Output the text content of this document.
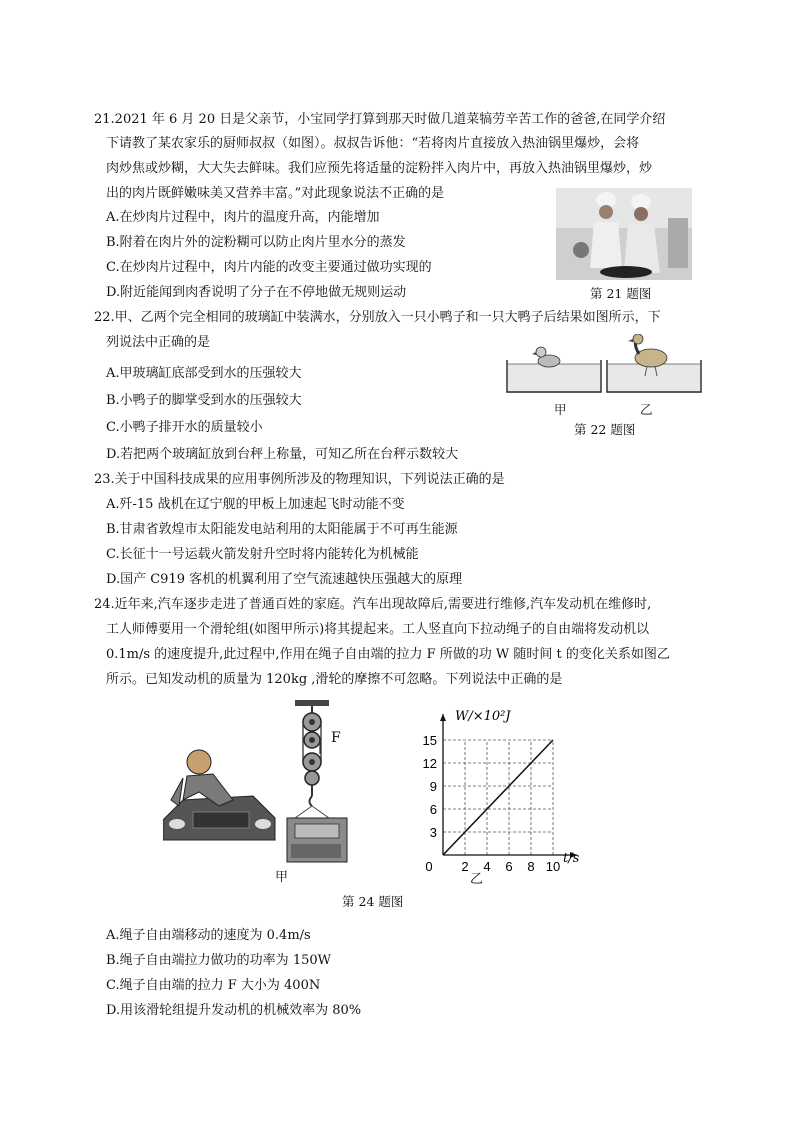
21.2021 年 6 月 20 日是父亲节，小宝同学打算到那天时做几道菜犒劳辛苦工作的爸爸,在同学介绍
下请教了某农家乐的厨师叔叔（如图）。叔叔告诉他：“若将肉片直接放入热油锅里爆炒，会将
肉炒焦或炒糊，大大失去鲜味。我们应预先将适量的淀粉拌入肉片中，再放入热油锅里爆炒，炒
出的肉片既鲜嫩味美又营养丰富。”对此现象说法不正确的是
A.在炒肉片过程中，肉片的温度升高，内能增加
B.附着在肉片外的淀粉糊可以防止肉片里水分的蒸发
C.在炒肉片过程中，肉片内能的改变主要通过做功实现的
D.附近能闻到肉香说明了分子在不停地做无规则运动	第 21 题图
22.甲、乙两个完全相同的玻璃缸中装满水，分别放入一只小鸭子和一只大鸭子后结果如图所示，下
列说法中正确的是
A.甲玻璃缸底部受到水的压强较大
B.小鸭子的脚掌受到水的压强较大
C.小鸭子排开水的质量较小
D.若把两个玻璃缸放到台秤上称量，可知乙所在台秤示数较大
甲	乙
第 22 题图
23.关于中国科技成果的应用事例所涉及的物理知识，下列说法正确的是
A.歼-15 战机在辽宁舰的甲板上加速起飞时动能不变
B.甘肃省敦煌市太阳能发电站利用的太阳能属于不可再生能源
C.长征十一号运载火箭发射升空时将内能转化为机械能
D.国产 C919 客机的机翼利用了空气流速越快压强越大的原理
24.近年来,汽车逐步走进了普通百姓的家庭。汽车出现故障后,需要进行维修,汽车发动机在维修时,
工人师傅要用一个滑轮组(如图甲所示)将其提起来。工人竖直向下拉动绳子的自由端将发动机以
0.1m/s 的速度提升,此过程中,作用在绳子自由端的拉力 F 所做的功 W 随时间 t 的变化关系如图乙
所示。已知发动机的质量为 120kg ,滑轮的摩擦不可忽略。下列说法中正确的是
F
甲
0 2 4 6 8 10
3
6
9
12
15
W/×10²J
t/s
乙
第 24 题图
A.绳子自由端移动的速度为 0.4m/s
B.绳子自由端拉力做功的功率为 150W
C.绳子自由端的拉力 F 大小为 400N
D.用该滑轮组提升发动机的机械效率为 80%
